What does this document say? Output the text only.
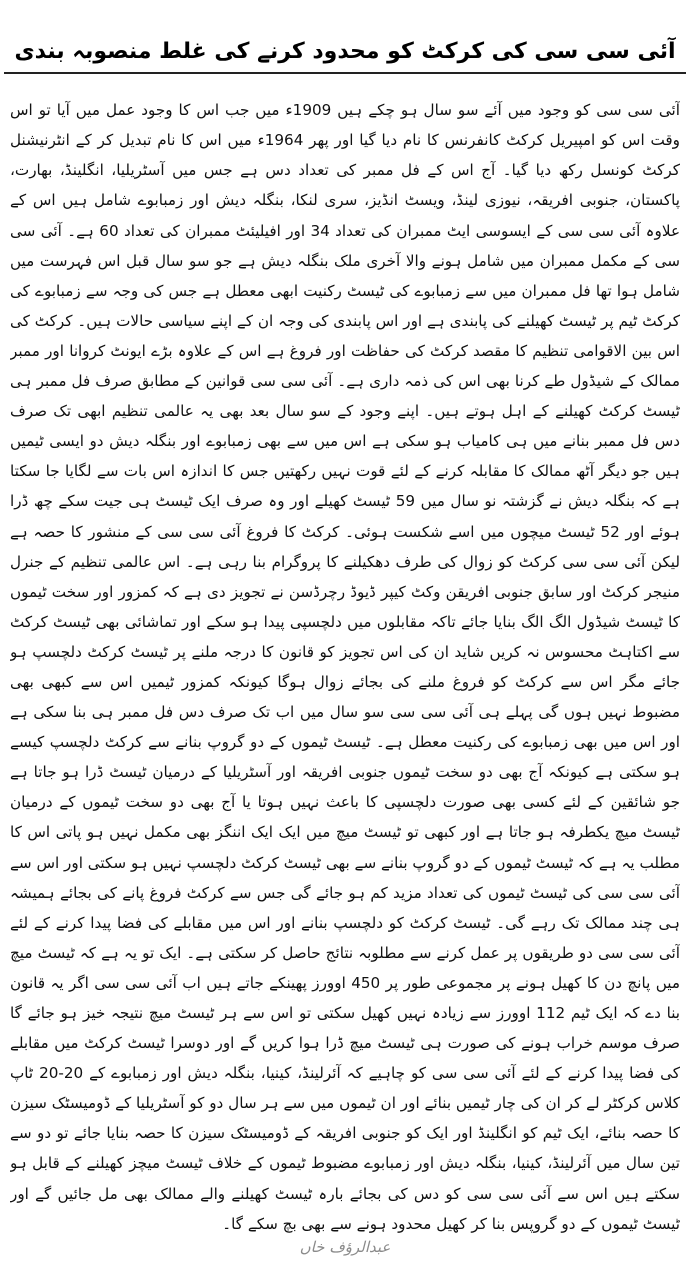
آئی سی سی کی کرکٹ کو محدود کرنے کی غلط منصوبہ بندی

آئی سی سی کو وجود میں آئے سو سال ہو چکے ہیں 1909ء میں جب اس کا وجود عمل میں آیا تو اس وقت اس کو امپیریل کرکٹ کانفرنس کا نام دیا گیا اور پھر 1964ء میں اس کا نام تبدیل کر کے انٹرنیشنل کرکٹ کونسل رکھ دیا گیا۔ آج اس کے فل ممبر کی تعداد دس ہے جس میں آسٹریلیا، انگلینڈ، بھارت، پاکستان، جنوبی افریقہ، نیوزی لینڈ، ویسٹ انڈیز، سری لنکا، بنگلہ دیش اور زمبابوے شامل ہیں اس کے علاوہ آئی سی سی کے ایسوسی ایٹ ممبران کی تعداد 34 اور افیلیئٹ ممبران کی تعداد 60 ہے۔ آئی سی سی کے مکمل ممبران میں شامل ہونے والا آخری ملک بنگلہ دیش ہے جو سو سال قبل اس فہرست میں شامل ہوا تھا فل ممبران میں سے زمبابوے کی ٹیسٹ رکنیت ابھی معطل ہے جس کی وجہ سے زمبابوے کی کرکٹ ٹیم پر ٹیسٹ کھیلنے کی پابندی ہے اور اس پابندی کی وجہ ان کے اپنے سیاسی حالات ہیں۔ کرکٹ کی اس بین الاقوامی تنظیم کا مقصد کرکٹ کی حفاظت اور فروغ ہے اس کے علاوہ بڑے ایونٹ کروانا اور ممبر ممالک کے شیڈول طے کرنا بھی اس کی ذمہ داری ہے۔ آئی سی سی قوانین کے مطابق صرف فل ممبر ہی ٹیسٹ کرکٹ کھیلنے کے اہل ہوتے ہیں۔ اپنے وجود کے سو سال بعد بھی یہ عالمی تنظیم ابھی تک صرف دس فل ممبر بنانے میں ہی کامیاب ہو سکی ہے اس میں سے بھی زمبابوے اور بنگلہ دیش دو ایسی ٹیمیں ہیں جو دیگر آٹھ ممالک کا مقابلہ کرنے کے لئے قوت نہیں رکھتیں جس کا اندازہ اس بات سے لگایا جا سکتا ہے کہ بنگلہ دیش نے گزشتہ نو سال میں 59 ٹیسٹ کھیلے اور وہ صرف ایک ٹیسٹ ہی جیت سکے چھ ڈرا ہوئے اور 52 ٹیسٹ میچوں میں اسے شکست ہوئی۔ کرکٹ کا فروغ آئی سی سی کے منشور کا حصہ ہے لیکن آئی سی سی کرکٹ کو زوال کی طرف دھکیلنے کا پروگرام بنا رہی ہے۔ اس عالمی تنظیم کے جنرل منیجر کرکٹ اور سابق جنوبی افریقن وکٹ کیپر ڈیوڈ رچرڈسن نے تجویز دی ہے کہ کمزور اور سخت ٹیموں کا ٹیسٹ شیڈول الگ الگ بنایا جائے تاکہ مقابلوں میں دلچسپی پیدا ہو سکے اور تماشائی بھی ٹیسٹ کرکٹ سے اکتاہٹ محسوس نہ کریں شاید ان کی اس تجویز کو قانون کا درجہ ملنے پر ٹیسٹ کرکٹ دلچسپ ہو جائے مگر اس سے کرکٹ کو فروغ ملنے کی بجائے زوال ہوگا کیونکہ کمزور ٹیمیں اس سے کبھی بھی مضبوط نہیں ہوں گی پہلے ہی آئی سی سی سو سال میں اب تک صرف دس فل ممبر ہی بنا سکی ہے اور اس میں بھی زمبابوے کی رکنیت معطل ہے۔ ٹیسٹ ٹیموں کے دو گروپ بنانے سے کرکٹ دلچسپ کیسے ہو سکتی ہے کیونکہ آج بھی دو سخت ٹیموں جنوبی افریقہ اور آسٹریلیا کے درمیان ٹیسٹ ڈرا ہو جاتا ہے جو شائقین کے لئے کسی بھی صورت دلچسپی کا باعث نہیں ہوتا یا آج بھی دو سخت ٹیموں کے درمیان ٹیسٹ میچ یکطرفہ ہو جاتا ہے اور کبھی تو ٹیسٹ میچ میں ایک ایک اننگز بھی مکمل نہیں ہو پاتی اس کا مطلب یہ ہے کہ ٹیسٹ ٹیموں کے دو گروپ بنانے سے بھی ٹیسٹ کرکٹ دلچسپ نہیں ہو سکتی اور اس سے آئی سی سی کی ٹیسٹ ٹیموں کی تعداد مزید کم ہو جائے گی جس سے کرکٹ فروغ پانے کی بجائے ہمیشہ ہی چند ممالک تک رہے گی۔ ٹیسٹ کرکٹ کو دلچسپ بنانے اور اس میں مقابلے کی فضا پیدا کرنے کے لئے آئی سی سی دو طریقوں پر عمل کرنے سے مطلوبہ نتائج حاصل کر سکتی ہے۔ ایک تو یہ ہے کہ ٹیسٹ میچ میں پانچ دن کا کھیل ہونے پر مجموعی طور پر 450 اوورز پھینکے جاتے ہیں اب آئی سی سی اگر یہ قانون بنا دے کہ ایک ٹیم 112 اوورز سے زیادہ نہیں کھیل سکتی تو اس سے ہر ٹیسٹ میچ نتیجہ خیز ہو جائے گا صرف موسم خراب ہونے کی صورت ہی ٹیسٹ میچ ڈرا ہوا کریں گے اور دوسرا ٹیسٹ کرکٹ میں مقابلے کی فضا پیدا کرنے کے لئے آئی سی سی کو چاہیے کہ آئرلینڈ، کینیا، بنگلہ دیش اور زمبابوے کے 20-20 ٹاپ کلاس کرکٹر لے کر ان کی چار ٹیمیں بنائے اور ان ٹیموں میں سے ہر سال دو کو آسٹریلیا کے ڈومیسٹک سیزن کا حصہ بنائے، ایک ٹیم کو انگلینڈ اور ایک کو جنوبی افریقہ کے ڈومیسٹک سیزن کا حصہ بنایا جائے تو دو سے تین سال میں آئرلینڈ، کینیا، بنگلہ دیش اور زمبابوے مضبوط ٹیموں کے خلاف ٹیسٹ میچز کھیلنے کے قابل ہو سکتے ہیں اس سے آئی سی سی کو دس کی بجائے بارہ ٹیسٹ کھیلنے والے ممالک بھی مل جائیں گے اور ٹیسٹ ٹیموں کے دو گروپس بنا کر کھیل محدود ہونے سے بھی بچ سکے گا۔

عبدالرؤف خاں
